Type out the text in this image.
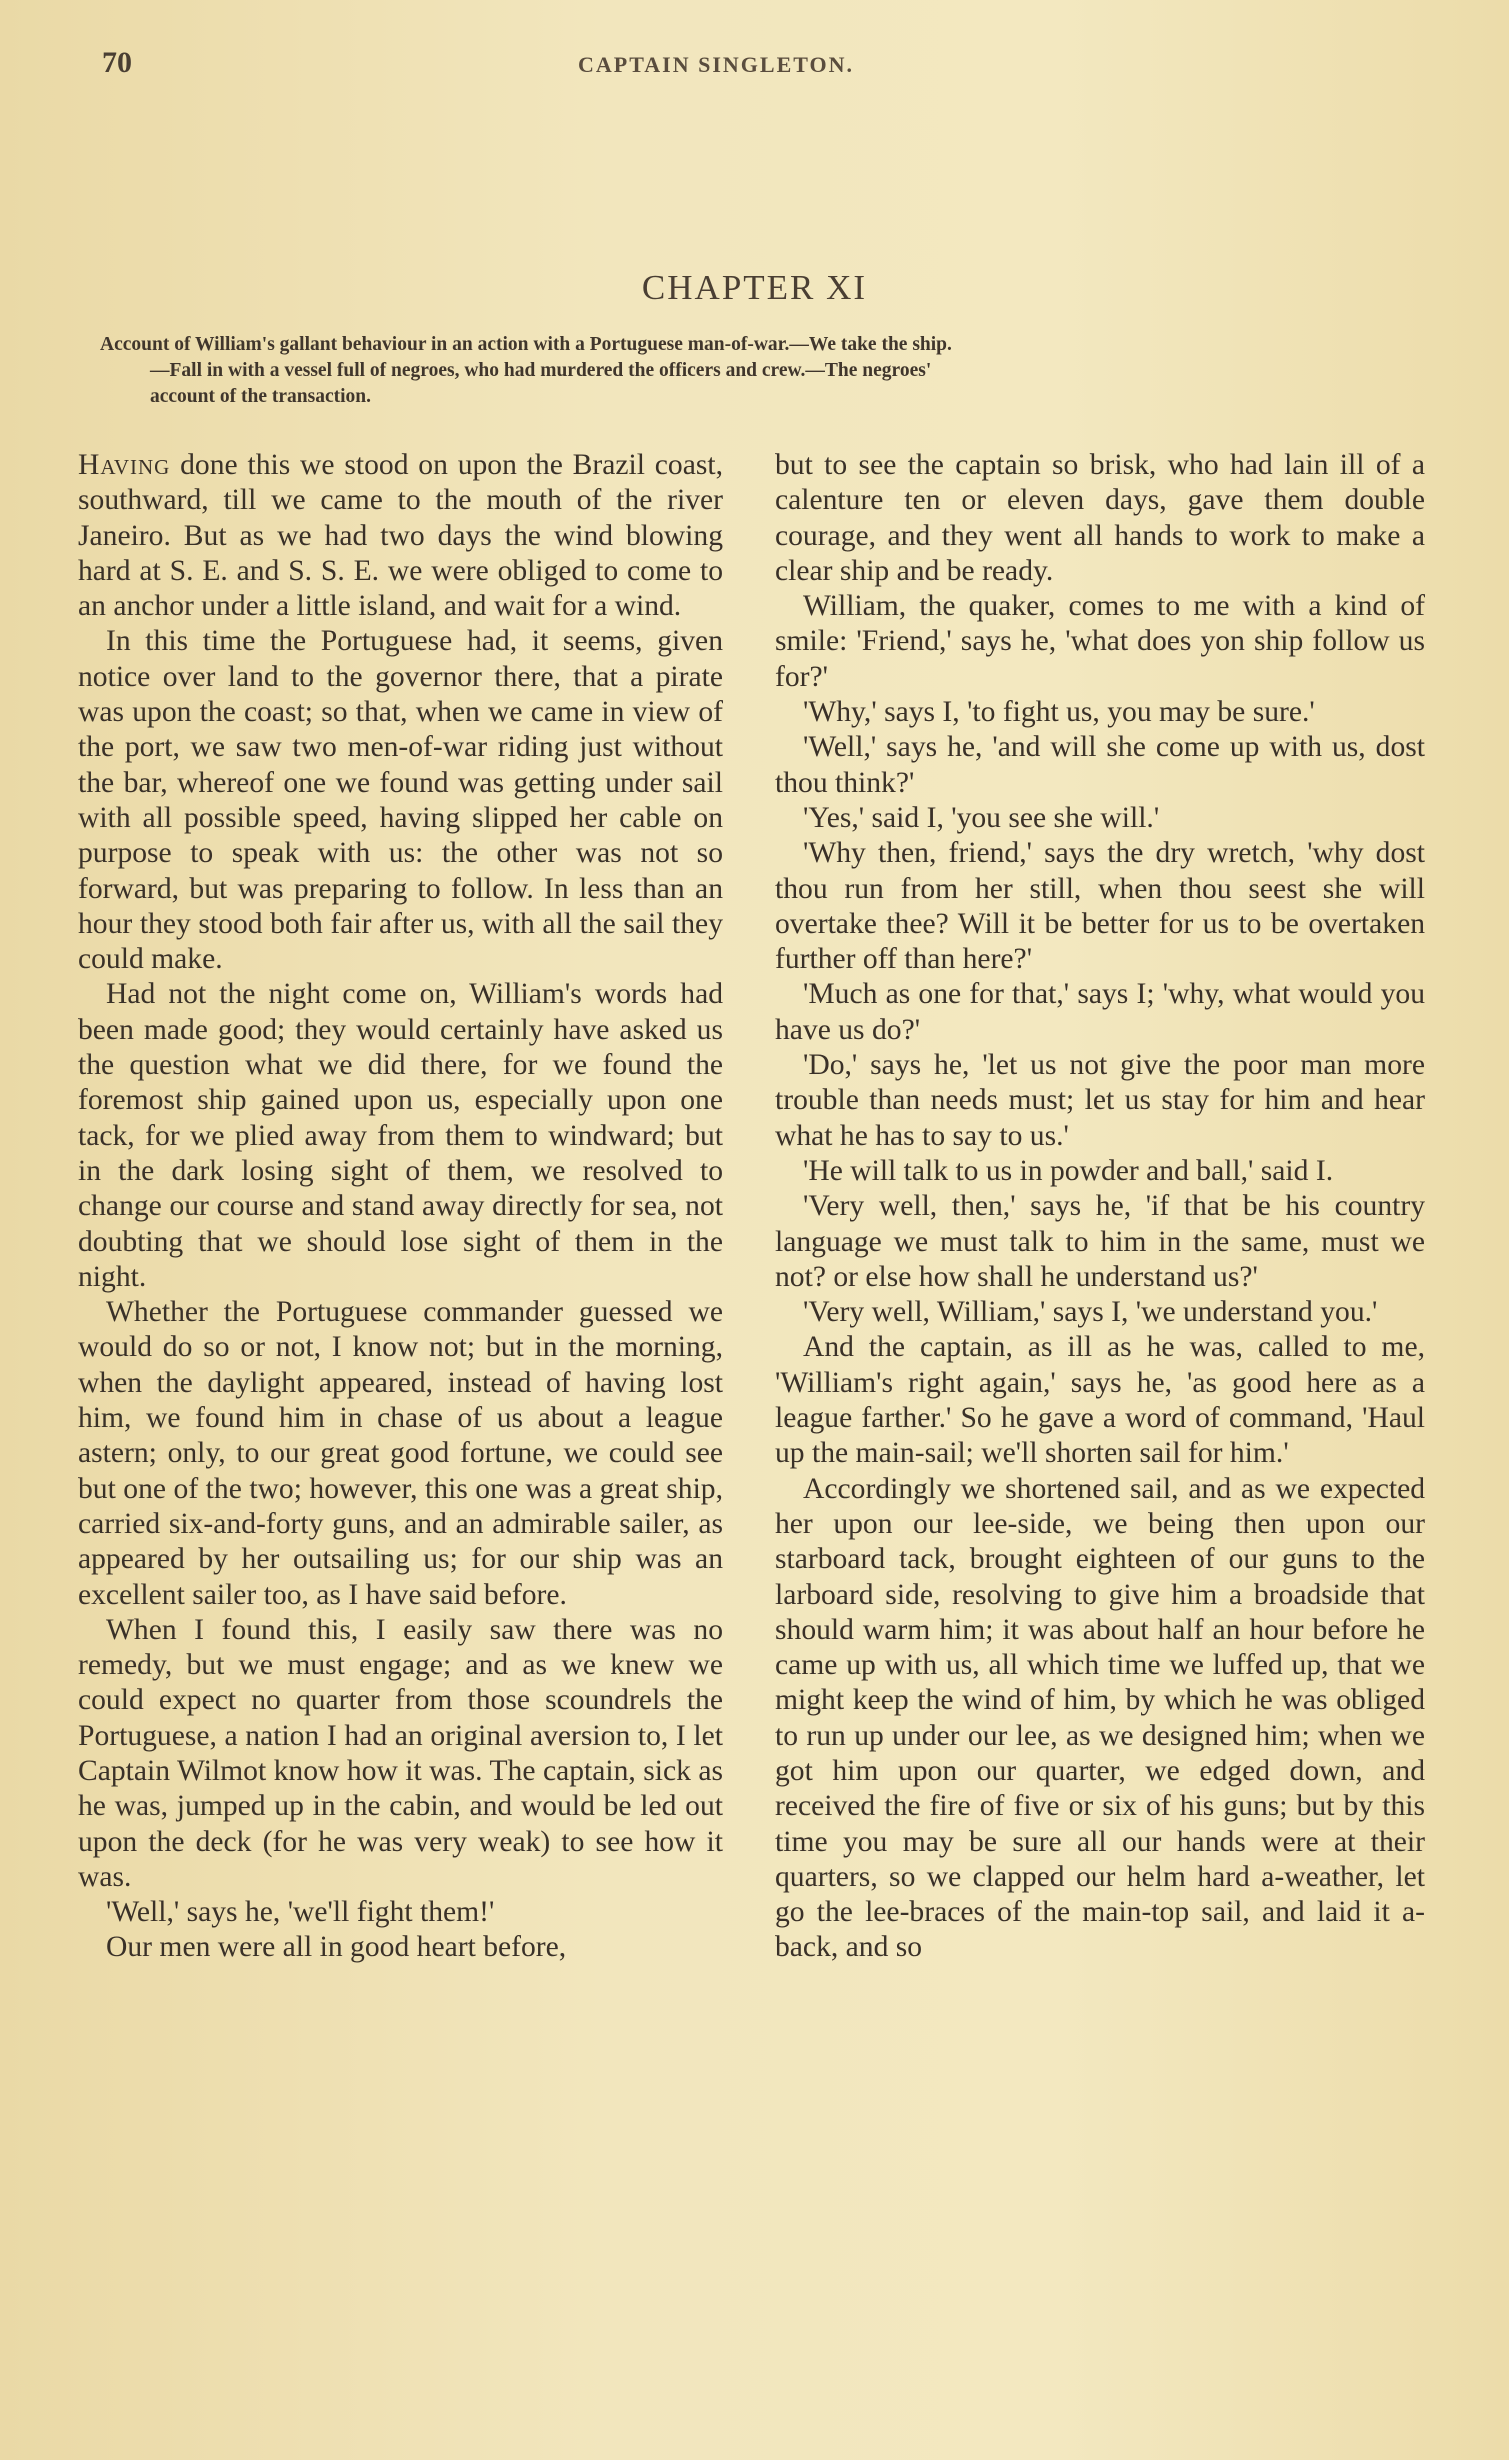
70	CAPTAIN SINGLETON.
CHAPTER XI
Account of William's gallant behaviour in an action with a Portuguese man-of-war.—We take the ship.
—Fall in with a vessel full of negroes, who had murdered the officers and crew.—The negroes'
account of the transaction.

Having done this we stood on upon the Brazil coast, southward, till we came to the mouth of the river Janeiro. But as we had two days the wind blowing hard at S. E. and S. S. E. we were obliged to come to an anchor under a little island, and wait for a wind.

In this time the Portuguese had, it seems, given notice over land to the governor there, that a pirate was upon the coast; so that, when we came in view of the port, we saw two men-of-war riding just without the bar, whereof one we found was getting under sail with all possible speed, having slipped her cable on purpose to speak with us: the other was not so forward, but was preparing to follow. In less than an hour they stood both fair after us, with all the sail they could make.

Had not the night come on, William's words had been made good; they would certainly have asked us the question what we did there, for we found the foremost ship gained upon us, especially upon one tack, for we plied away from them to windward; but in the dark losing sight of them, we resolved to change our course and stand away directly for sea, not doubting that we should lose sight of them in the night.

Whether the Portuguese commander guessed we would do so or not, I know not; but in the morning, when the daylight appeared, instead of having lost him, we found him in chase of us about a league astern; only, to our great good fortune, we could see but one of the two; however, this one was a great ship, carried six-and-forty guns, and an admirable sailer, as appeared by her outsailing us; for our ship was an excellent sailer too, as I have said before.

When I found this, I easily saw there was no remedy, but we must engage; and as we knew we could expect no quarter from those scoundrels the Portuguese, a nation I had an original aversion to, I let Captain Wilmot know how it was. The captain, sick as he was, jumped up in the cabin, and would be led out upon the deck (for he was very weak) to see how it was.

'Well,' says he, 'we'll fight them!'

Our men were all in good heart before,

but to see the captain so brisk, who had lain ill of a calenture ten or eleven days, gave them double courage, and they went all hands to work to make a clear ship and be ready.

William, the quaker, comes to me with a kind of smile: 'Friend,' says he, 'what does yon ship follow us for?'

'Why,' says I, 'to fight us, you may be sure.'

'Well,' says he, 'and will she come up with us, dost thou think?'

'Yes,' said I, 'you see she will.'

'Why then, friend,' says the dry wretch, 'why dost thou run from her still, when thou seest she will overtake thee? Will it be better for us to be overtaken further off than here?'

'Much as one for that,' says I; 'why, what would you have us do?'

'Do,' says he, 'let us not give the poor man more trouble than needs must; let us stay for him and hear what he has to say to us.'

'He will talk to us in powder and ball,' said I.

'Very well, then,' says he, 'if that be his country language we must talk to him in the same, must we not? or else how shall he understand us?'

'Very well, William,' says I, 'we understand you.'

And the captain, as ill as he was, called to me, 'William's right again,' says he, 'as good here as a league farther.' So he gave a word of command, 'Haul up the main-sail; we'll shorten sail for him.'

Accordingly we shortened sail, and as we expected her upon our lee-side, we being then upon our starboard tack, brought eighteen of our guns to the larboard side, resolving to give him a broadside that should warm him; it was about half an hour before he came up with us, all which time we luffed up, that we might keep the wind of him, by which he was obliged to run up under our lee, as we designed him; when we got him upon our quarter, we edged down, and received the fire of five or six of his guns; but by this time you may be sure all our hands were at their quarters, so we clapped our helm hard a-weather, let go the lee-braces of the main-top sail, and laid it a-back, and so
